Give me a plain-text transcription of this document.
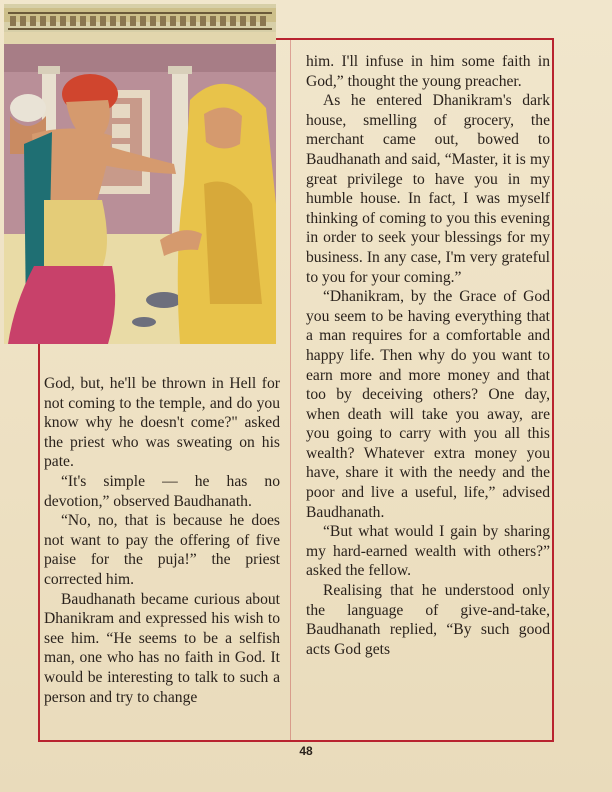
God, but, he'll be thrown in Hell for not coming to the temple, and do you know why he doesn't come?" asked the priest who was sweating on his pate.

“It's simple — he has no devotion,” observed Baudhanath.

“No, no, that is because he does not want to pay the offering of five paise for the puja!” the priest corrected him.

Baudhanath became curious about Dhanikram and expressed his wish to see him. “He seems to be a selfish man, one who has no faith in God. It would be interesting to talk to such a person and try to change

him. I'll infuse in him some faith in God,” thought the young preacher.

As he entered Dhanikram's dark house, smelling of grocery, the merchant came out, bowed to Baudhanath and said, “Master, it is my great privilege to have you in my humble house. In fact, I was myself thinking of coming to you this evening in order to seek your blessings for my business. In any case, I'm very grateful to you for your coming.”

“Dhanikram, by the Grace of God you seem to be having everything that a man requires for a comfortable and happy life. Then why do you want to earn more and more money and that too by deceiving others? One day, when death will take you away, are you going to carry with you all this wealth? Whatever extra money you have, share it with the needy and the poor and live a useful, life,” advised Baudhanath.

“But what would I gain by sharing my hard-earned wealth with others?” asked the fellow.

Realising that he understood only the language of give-and-take, Baudhanath replied, “By such good acts God gets

48
